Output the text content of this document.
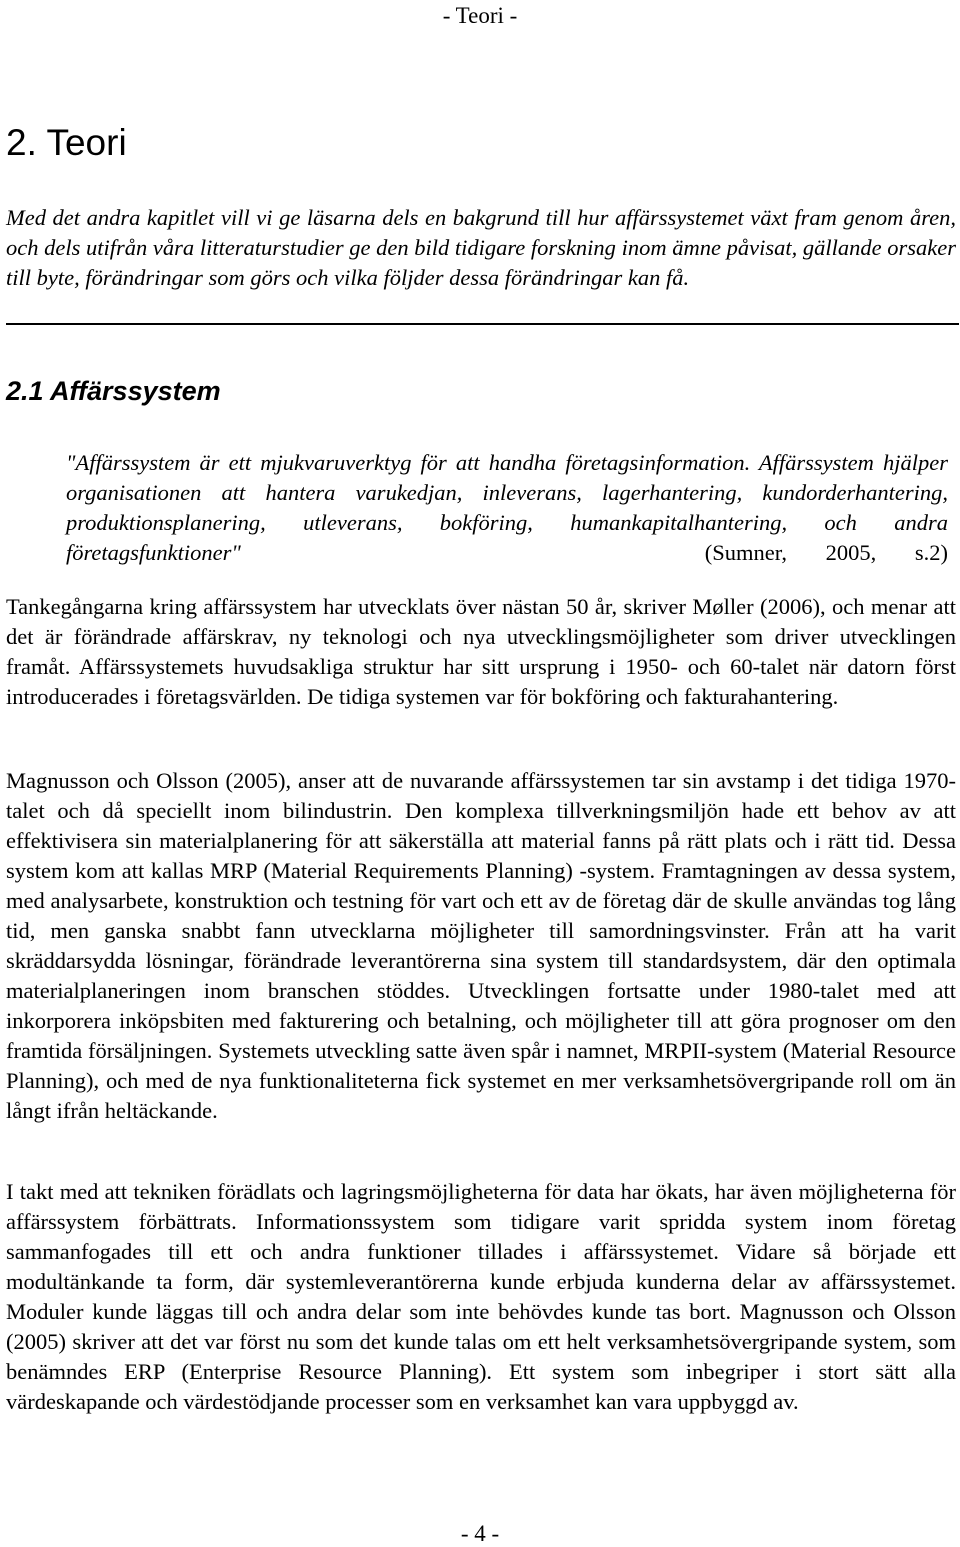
- Teori -
2. Teori

Med det andra kapitlet vill vi ge läsarna dels en bakgrund till hur affärssystemet växt fram genom åren, och dels utifrån våra litteraturstudier ge den bild tidigare forskning inom ämne påvisat, gällande orsaker till byte, förändringar som görs och vilka följder dessa förändringar kan få.

2.1 Affärssystem

"Affärssystem är ett mjukvaruverktyg för att handha företagsinformation. Affärssystem hjälper organisationen att hantera varukedjan, inleverans, lagerhantering, kundorderhantering, produktionsplanering, utleverans, bokföring, humankapitalhantering, och andra företagsfunktioner"	(Sumner, 2005, s.2)

Tankegångarna kring affärssystem har utvecklats över nästan 50 år, skriver Møller (2006), och menar att det är förändrade affärskrav, ny teknologi och nya utvecklingsmöjligheter som driver utvecklingen framåt. Affärssystemets huvudsakliga struktur har sitt ursprung i 1950- och 60-talet när datorn först introducerades i företagsvärlden. De tidiga systemen var för bokföring och fakturahantering.

Magnusson och Olsson (2005), anser att de nuvarande affärssystemen tar sin avstamp i det tidiga 1970-talet och då speciellt inom bilindustrin. Den komplexa tillverkningsmiljön hade ett behov av att effektivisera sin materialplanering för att säkerställa att material fanns på rätt plats och i rätt tid. Dessa system kom att kallas MRP (Material Requirements Planning) -system. Framtagningen av dessa system, med analysarbete, konstruktion och testning för vart och ett av de företag där de skulle användas tog lång tid, men ganska snabbt fann utvecklarna möjligheter till samordningsvinster. Från att ha varit skräddarsydda lösningar, förändrade leverantörerna sina system till standardsystem, där den optimala materialplaneringen inom branschen stöddes. Utvecklingen fortsatte under 1980-talet med att inkorporera inköpsbiten med fakturering och betalning, och möjligheter till att göra prognoser om den framtida försäljningen. Systemets utveckling satte även spår i namnet, MRPII-system (Material Resource Planning), och med de nya funktionaliteterna fick systemet en mer verksamhetsövergripande roll om än långt ifrån heltäckande.

I takt med att tekniken förädlats och lagringsmöjligheterna för data har ökats, har även möjligheterna för affärssystem förbättrats. Informationssystem som tidigare varit spridda system inom företag sammanfogades till ett och andra funktioner tillades i affärssystemet. Vidare så började ett modultänkande ta form, där systemleverantörerna kunde erbjuda kunderna delar av affärssystemet. Moduler kunde läggas till och andra delar som inte behövdes kunde tas bort. Magnusson och Olsson (2005) skriver att det var först nu som det kunde talas om ett helt verksamhetsövergripande system, som benämndes ERP (Enterprise Resource Planning). Ett system som inbegriper i stort sätt alla värdeskapande och värdestödjande processer som en verksamhet kan vara uppbyggd av.

- 4 -
